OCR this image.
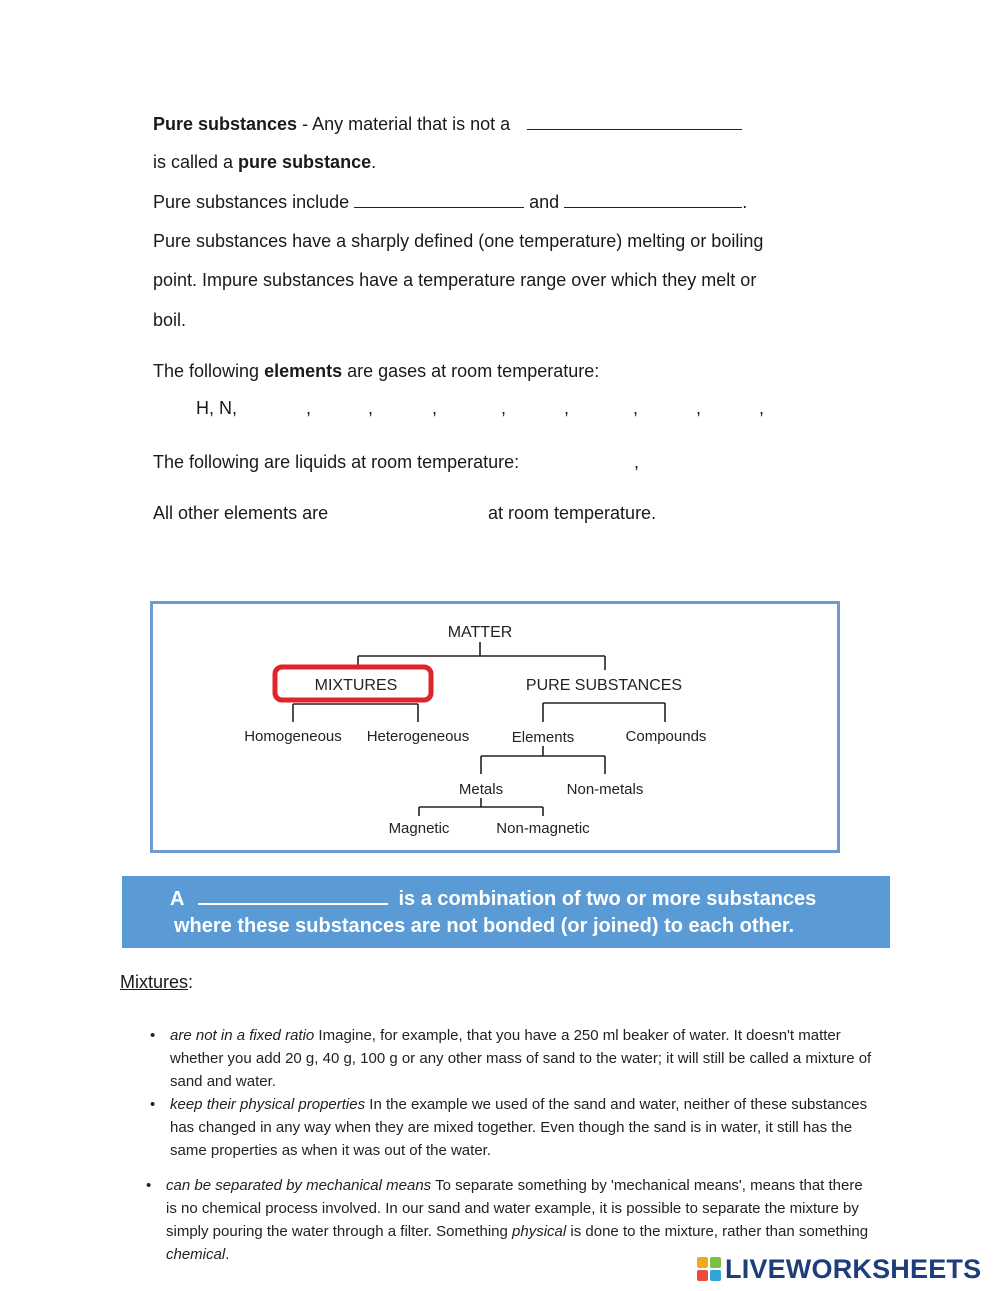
Pure substances - Any material that is not a
is called a pure substance.
Pure substances include	and	.
Pure substances have a sharply defined (one temperature) melting or boiling
point. Impure substances have a temperature range over which they melt or
boil.
The following elements are gases at room temperature:
H, N,	,	,	,	,	,	,	,	,
The following are liquids at room temperature:	,
All other elements are	at room temperature.
MATTER
MIXTURES	PURE SUBSTANCES
Homogeneous Heterogeneous	Elements	Compounds
Metals	Non-metals
Magnetic	Non-magnetic
A	is a combination of two or more substances
where these substances are not bonded (or joined) to each other.
Mixtures:
• are not in a fixed ratio Imagine, for example, that you have a 250 ml beaker of water. It doesn't matter whether you add 20 g, 40 g, 100 g or any other mass of sand to the water; it will still be called a mixture of sand and water.
• keep their physical properties In the example we used of the sand and water, neither of these substances has changed in any way when they are mixed together. Even though the sand is in water, it still has the same properties as when it was out of the water.
• can be separated by mechanical means To separate something by 'mechanical means', means that there is no chemical process involved. In our sand and water example, it is possible to separate the mixture by simply pouring the water through a filter. Something physical is done to the mixture, rather than something chemical.	LIVEWORKSHEETS
